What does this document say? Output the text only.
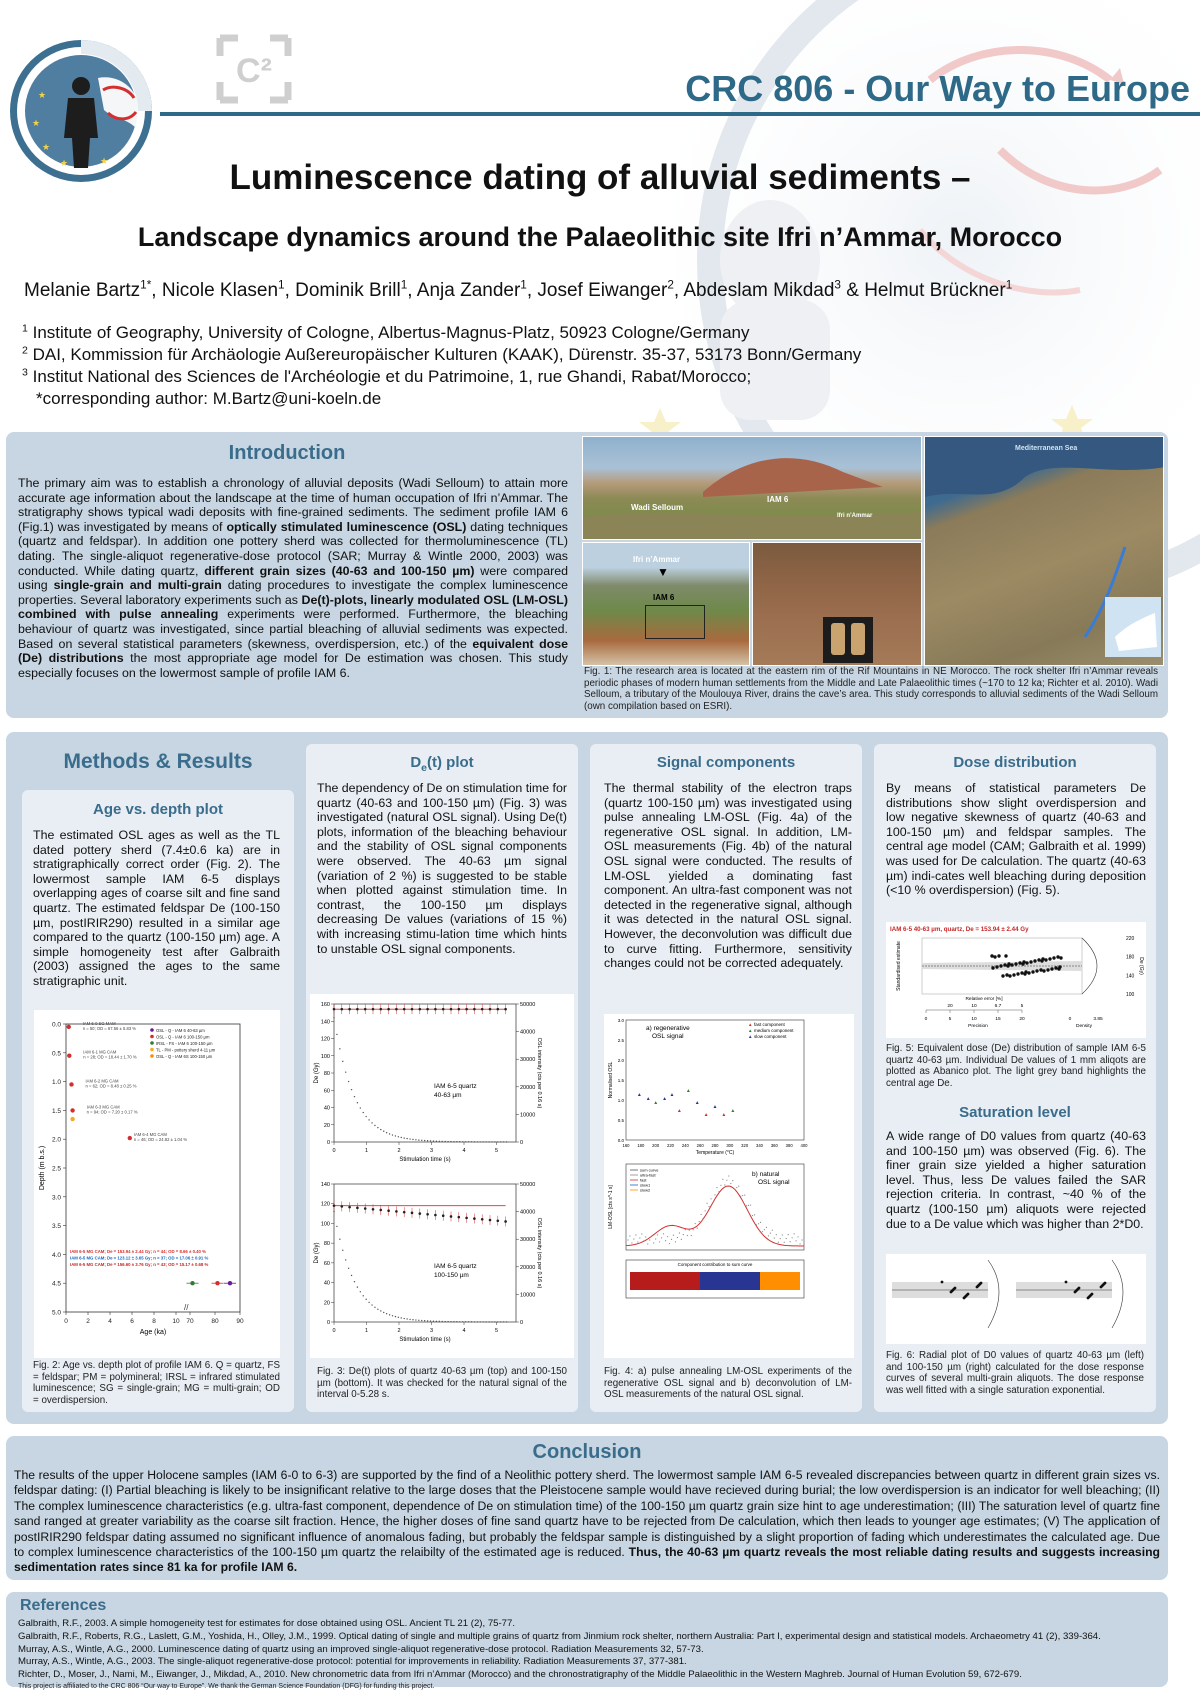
★
★
★
★	★
C²	CRC 806 - Our Way to Europe
Luminescence dating of alluvial sediments –
Landscape dynamics around the Palaeolithic site Ifri n’Ammar, Morocco
Melanie Bartz$^{1*}$, Nicole Klasen$^1$, Dominik Brill$^1$, Anja Zander$^1$, Josef Eiwanger$^2$, Abdeslam Mikdad$^3$ & Helmut Brückner$^1$
$^1$ Institute of Geography, University of Cologne, Albertus-Magnus-Platz, 50923 Cologne/Germany
$^2$ DAI, Kommission für Archäologie Außereuropäischer Kulturen (KAAK), Dürenstr. 35-37, 53173 Bonn/Germany
$^3$ Institut National des Sciences de l'Archéologie et du Patrimoine, 1, rue Ghandi, Rabat/Morocco;
*corresponding author: M.Bartz@uni-koeln.de
Introduction
The primary aim was to establish a chronology of alluvial deposits (Wadi Selloum) to attain more accurate age information about the landscape at the time of human occupation of Ifri n’Ammar. The stratigraphy shows typical wadi deposits with fine-grained sediments. The sediment profile IAM 6 (Fig.1) was investigated by means of optically stimulated luminescence (OSL) dating techniques (quartz and feldspar). In addition one pottery sherd was collected for thermoluminescence (TL) dating. The single-aliquot regenerative-dose protocol (SAR; Murray & Wintle 2000, 2003) was conducted. While dating quartz, different grain sizes (40-63 and 100-150 µm) were compared using single-grain and multi-grain dating procedures to investigate the complex luminescence properties. Several laboratory experiments such as De(t)-plots, linearly modulated OSL (LM-OSL) combined with pulse annealing experiments were performed. Furthermore, the bleaching behaviour of quartz was investigated, since partial bleaching of alluvial sediments was expected. Based on several statistical parameters (skewness, overdispersion, etc.) of the equivalent dose (De) distributions the most appropriate age model for De estimation was chosen. This study especially focuses on the lowermost sample of profile IAM 6.
Wadi Selloum
IAM 6
Ifri n’Ammar
Ifri n’Ammar
▼
IAM 6
Mediterranean Sea
Fig. 1: The research area is located at the eastern rim of the Rif Mountains in NE Morocco. The rock shelter Ifri n’Ammar reveals periodic phases of modern human settlements from the Middle and Late Palaeolithic times (~170 to 12 ka; Richter et al. 2010). Wadi Selloum, a tributary of the Moulouya River, drains the cave’s area. This study corresponds to alluvial sediments of the Wadi Selloum (own compilation based on ESRI).
Methods & Results
Age vs. depth plot
The estimated OSL ages as well as the TL dated pottery sherd (7.4±0.6 ka) are in stratigraphically correct order (Fig. 2). The lowermost sample IAM 6-5 displays overlapping ages of coarse silt and fine sand quartz. The estimated feldspar De (100-150 µm, postIRIR290) resulted in a similar age compared to the quartz (100-150 µm) age. A simple homogeneity test after Galbraith (2003) assigned the ages to the same stratigraphic unit.
0.0
0.5
1.0
1.5
2.0
2.5
3.0
3.5
4.0
4.5
5.0
0	2	4	6	8	10 70	80	90
Age (ka)
Depth (m b.s.)
OSL - Q - IAM 6 40-63 µm
OSL - Q - IAM 6 100-150 µm
IRSL - FS - IAM 6 100-150 µm
TL - PM - pottery sherd 4-11 µm
OSL - Q - IAM 6S 100-150 µm
IAM 6-0 SG MAM
n = 50; OD = 67.56 ± 5.83 %
IAM 6-1 MG CAM
n = 28; OD = 18.44 ± 1.70 %
IAM 6-2 MG CAM
n = 62; OD = 8.48 ± 0.25 %
IAM 6-3 MG CAM
n = 94; OD = 7.20 ± 0.17 %
IAM 6-4 MG CAM
n = 46; OD = 24.82 ± 1.04 %
IAM 6-5 MG CAM; De = 153.94 ± 2.44 Gy; n = 44; OD = 8.66 ± 0.40 %
IAM 6-5 MG CAM; De = 123.12 ± 3.65 Gy; n = 37; OD = 17.06 ± 0.91 %
IAM 6-5 MG CAM; De = 156.60 ± 3.76 Gy; n = 43; OD = 15.17 ± 0.68 %
//
Fig. 2: Age vs. depth plot of profile IAM 6. Q = quartz, FS = feldspar; PM = polymineral; IRSL = infrared stimulated luminescence; SG = single-grain; MG = multi-grain; OD = overdispersion.
$D_e(t)$ plot
The dependency of De on stimulation time for quartz (40-63 and 100-150 µm) (Fig. 3) was investigated (natural OSL signal). Using De(t) plots, information of the bleaching behaviour and the stability of OSL signal components were observed. The 40-63 µm signal (variation of 2 %) is suggested to be stable when plotted against stimulation time. In contrast, the 100-150 µm displays decreasing De values (variations of 15 %) with increasing stimu-lation time which hints to unstable OSL signal components.
0
20
40
60
80
100
120
140
160
0
10000
20000
30000
40000
50000
0	1	2	3	4	5
Stimulation time (s)
De (Gy)	OSL intensity (cts per 0.16 s)
IAM 6-5 quartz
40-63 µm
0
20
40
60
80
100
120
140
0
10000
20000
30000
40000
50000
0	1	2	3	4	5
Stimulation time (s)
De (Gy)	OSL intensity (cts per 0.16 s)
IAM 6-5 quartz
100-150 µm
Fig. 3: De(t) plots of quartz 40-63 µm (top) and 100-150 µm (bottom). It was checked for the natural signal of the interval 0-5.28 s.
Signal components
The thermal stability of the electron traps (quartz 100-150 µm) was investigated using pulse annealing LM-OSL (Fig. 4a) of the regenerative OSL signal. In addition, LM-OSL measurements (Fig. 4b) of the natural OSL signal were conducted. The results of LM-OSL yielded a dominating fast component. An ultra-fast component was not detected in the regenerative signal, although it was detected in the natural OSL signal. However, the deconvolution was difficult due to curve fitting. Furthermore, sensitivity changes could not be corrected adequately.
0.0
0.5
1.0
1.5
2.0
2.5
3.0
160 180 200 220 240 260 280 300 320 340 360 380 400
Temperature (°C)
Normalised OSL
a) regenerative
OSL signal
▲ fast component
▲ medium component
▲ slow component
▲
▲
▲
▲
▲
▲
▲
▲
▲
▲
▲
▲
LM-OSL [cts s^-1 s]
b) natural
OSL signal
sum curve
ultra-fast
fast
slow1
slow2
Component contribution to sum curve
Fig. 4: a) pulse annealing LM-OSL experiments of the regenerative OSL signal and b) deconvolution of LM-OSL measurements of the natural OSL signal.
Dose distribution
By means of statistical parameters De distributions show slight overdispersion and low negative skewness of quartz (40-63 and 100-150 µm) and feldspar samples. The central age model (CAM; Galbraith et al. 1999) was used for De calculation. The quartz (40-63 µm) indi-cates well bleaching during deposition (<10 % overdispersion) (Fig. 5).
IAM 6-5 40-63 µm, quartz, De = 153.94 ± 2.44 Gy
Standardised estimate
100
140
180
220
De (Gy)
Relative error [%]
20	10	6.7	5
0	5	10	15	20
Precision
0	3.85
Density
Fig. 5: Equivalent dose (De) distribution of sample IAM 6-5 quartz 40-63 µm. Individual De values of 1 mm aliqots are plotted as Abanico plot. The light grey band highlights the central age De.
Saturation level
A wide range of D0 values from quartz (40-63 and 100-150 µm) was observed (Fig. 6). The finer grain size yielded a higher saturation level. Thus, less De values failed the SAR rejection criteria. In contrast, ~40 % of the quartz (100-150 µm) aliquots were rejected due to a De value which was higher than 2*D0.
Fig. 6: Radial plot of D0 values of quartz 40-63 µm (left) and 100-150 µm (right) calculated for the dose response curves of several multi-grain aliquots. The dose response was well fitted with a single saturation exponential.
Conclusion
The results of the upper Holocene samples (IAM 6-0 to 6-3) are supported by the find of a Neolithic pottery sherd. The lowermost sample IAM 6-5 revealed discrepancies between quartz in different grain sizes vs. feldspar dating: (I) Partial bleaching is likely to be insignificant relative to the large doses that the Pleistocene sample would have recieved during burial; the low overdispersion is an indicator for well bleaching; (II) The complex luminescence characteristics (e.g. ultra-fast component, dependence of De on stimulation time) of the 100-150 µm quartz grain size hint to age underestimation; (III) The saturation level of quartz fine sand ranged at greater variability as the coarse silt fraction. Hence, the higher doses of fine sand quartz have to be rejected from De calculation, which then leads to younger age estimates; (V) The application of postIRIR290 feldspar dating assumed no significant influence of anomalous fading, but probably the feldspar sample is distinguished by a slight proportion of fading which underestimates the calculated age. Due to complex luminescence characteristics of the 100-150 µm quartz the relaibilty of the estimated age is reduced. Thus, the 40-63 µm quartz reveals the most reliable dating results and suggests increasing sedimentation rates since 81 ka for profile IAM 6.
References
Galbraith, R.F., 2003. A simple homogeneity test for estimates for dose obtained using OSL. Ancient TL 21 (2), 75-77.
Galbraith, R.F., Roberts, R.G., Laslett, G.M., Yoshida, H., Olley, J.M., 1999. Optical dating of single and multiple grains of quartz from Jinmium rock shelter, northern Australia: Part I, experimental design and statistical models. Archaeometry 41 (2), 339-364.
Murray, A.S., Wintle, A.G., 2000. Luminescence dating of quartz using an improved single-aliquot regenerative-dose protocol. Radiation Measurements 32, 57-73.
Murray, A.S., Wintle, A.G., 2003. The single-aliquot regenerative-dose protocol: potential for improvements in reliability. Radiation Measurements 37, 377-381.
Richter, D., Moser, J., Nami, M., Eiwanger, J., Mikdad, A., 2010. New chronometric data from Ifri n’Ammar (Morocco) and the chronostratigraphy of the Middle Palaeolithic in the Western Maghreb. Journal of Human Evolution 59, 672-679.
This project is affiliated to the CRC 806 “Our way to Europe”. We thank the German Science Foundation (DFG) for funding this project.
